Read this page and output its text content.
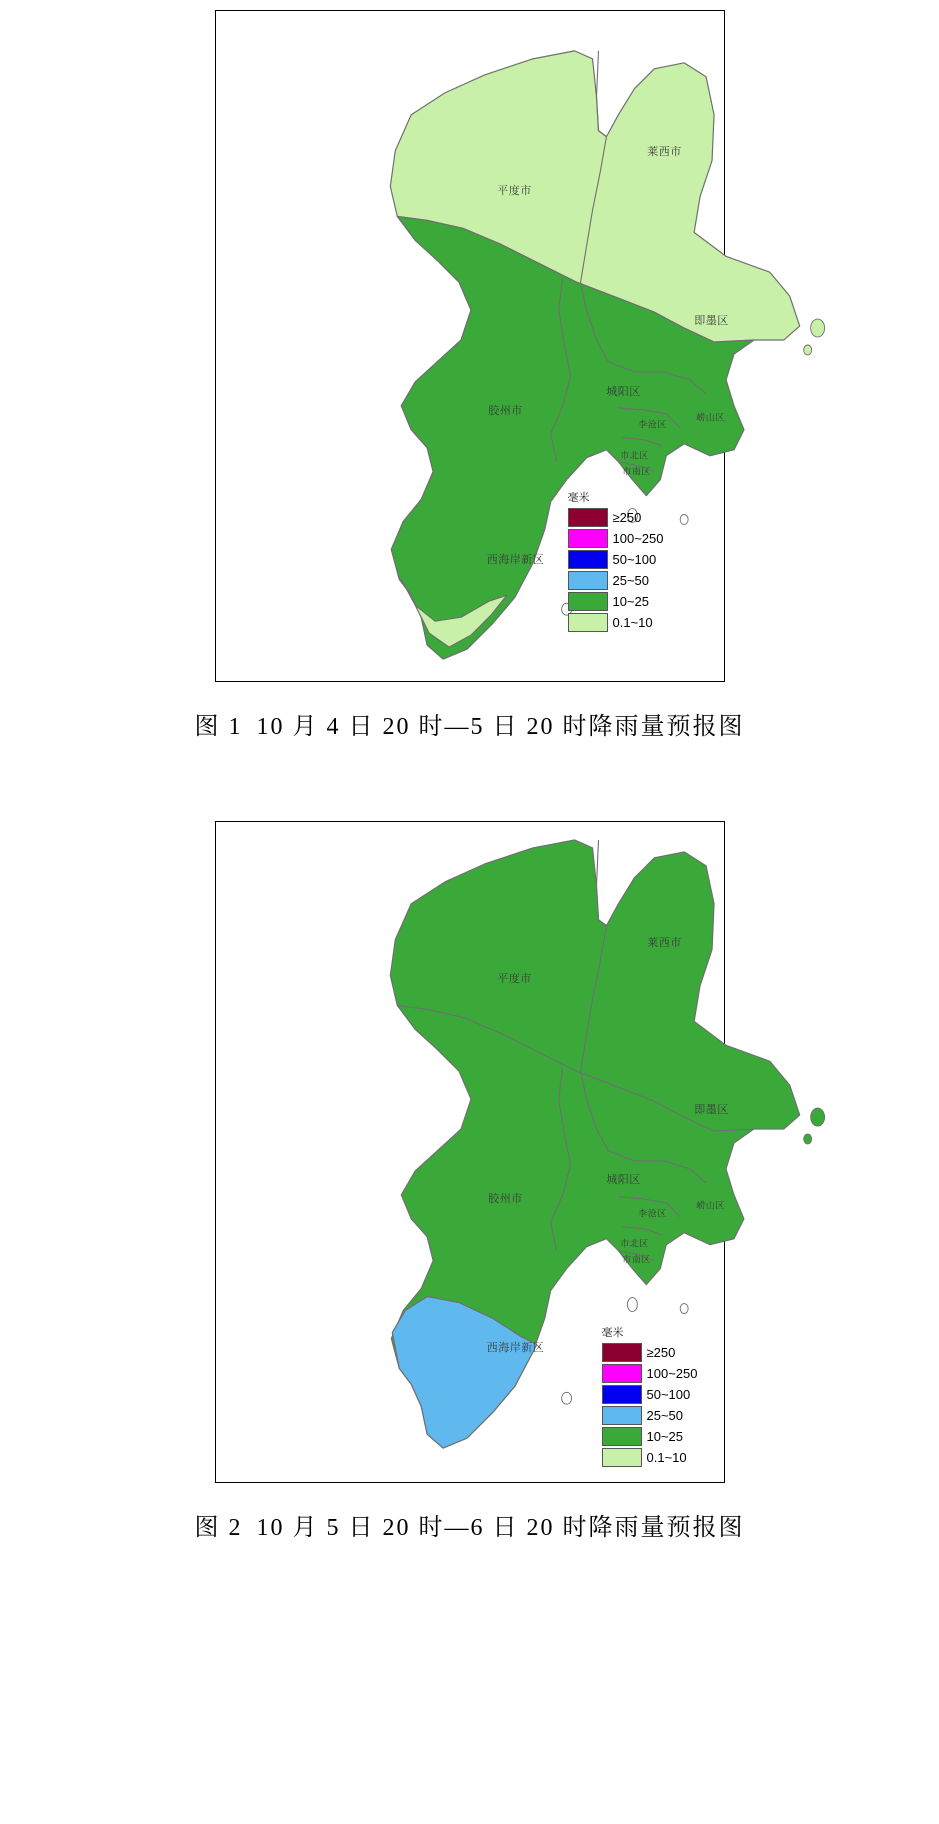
平度市
莱西市
即墨区
胶州市
城阳区
李沧区
崂山区
市北区
市南区
西海岸新区
毫米
≥250
100~250
50~100
25~50
10~25
0.1~10
图 1 10 月 4 日 20 时—5 日 20 时降雨量预报图
平度市
莱西市
即墨区
胶州市
城阳区
李沧区
崂山区
市北区
市南区
西海岸新区
毫米
≥250
100~250
50~100
25~50
10~25
0.1~10
图 2 10 月 5 日 20 时—6 日 20 时降雨量预报图
